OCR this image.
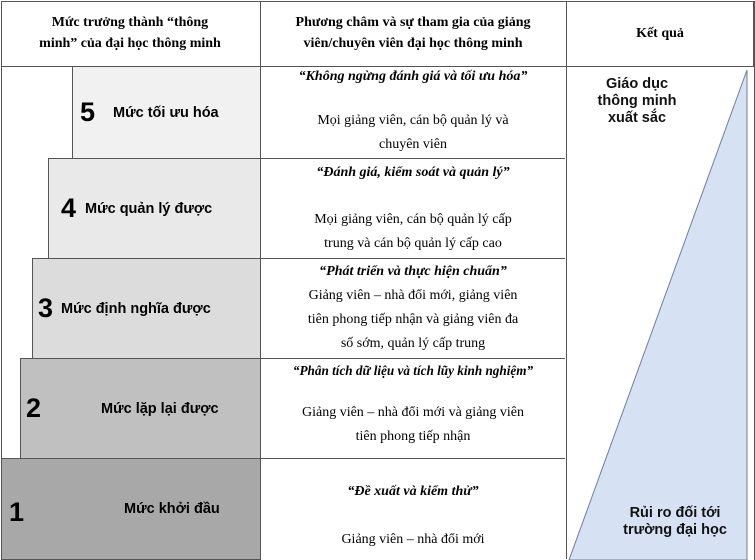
Mức trưởng thành “thông
minh” của đại học thông minh
Phương châm và sự tham gia của giảng
viên/chuyên viên đại học thông minh
Kết quả
5 Mức tối ưu hóa
4 Mức quản lý được
3 Mức định nghĩa được
2	Mức lặp lại được
1	Mức khởi đầu
“Không ngừng đánh giá và tối ưu hóa”
Mọi giảng viên, cán bộ quản lý và
chuyên viên
“Đánh giá, kiểm soát và quản lý”
Mọi giảng viên, cán bộ quản lý cấp
trung và cán bộ quản lý cấp cao
“Phát triển và thực hiện chuẩn”
Giảng viên – nhà đổi mới, giảng viên
tiên phong tiếp nhận và giảng viên đa
số sớm, quản lý cấp trung
“Phân tích dữ liệu và tích lũy kinh nghiệm”
Giảng viên – nhà đổi mới và giảng viên
tiên phong tiếp nhận
“Đề xuất và kiểm thử”
Giảng viên – nhà đổi mới
Giáo dục
thông minh
xuất sắc
Rủi ro đối tới
trường đại học
